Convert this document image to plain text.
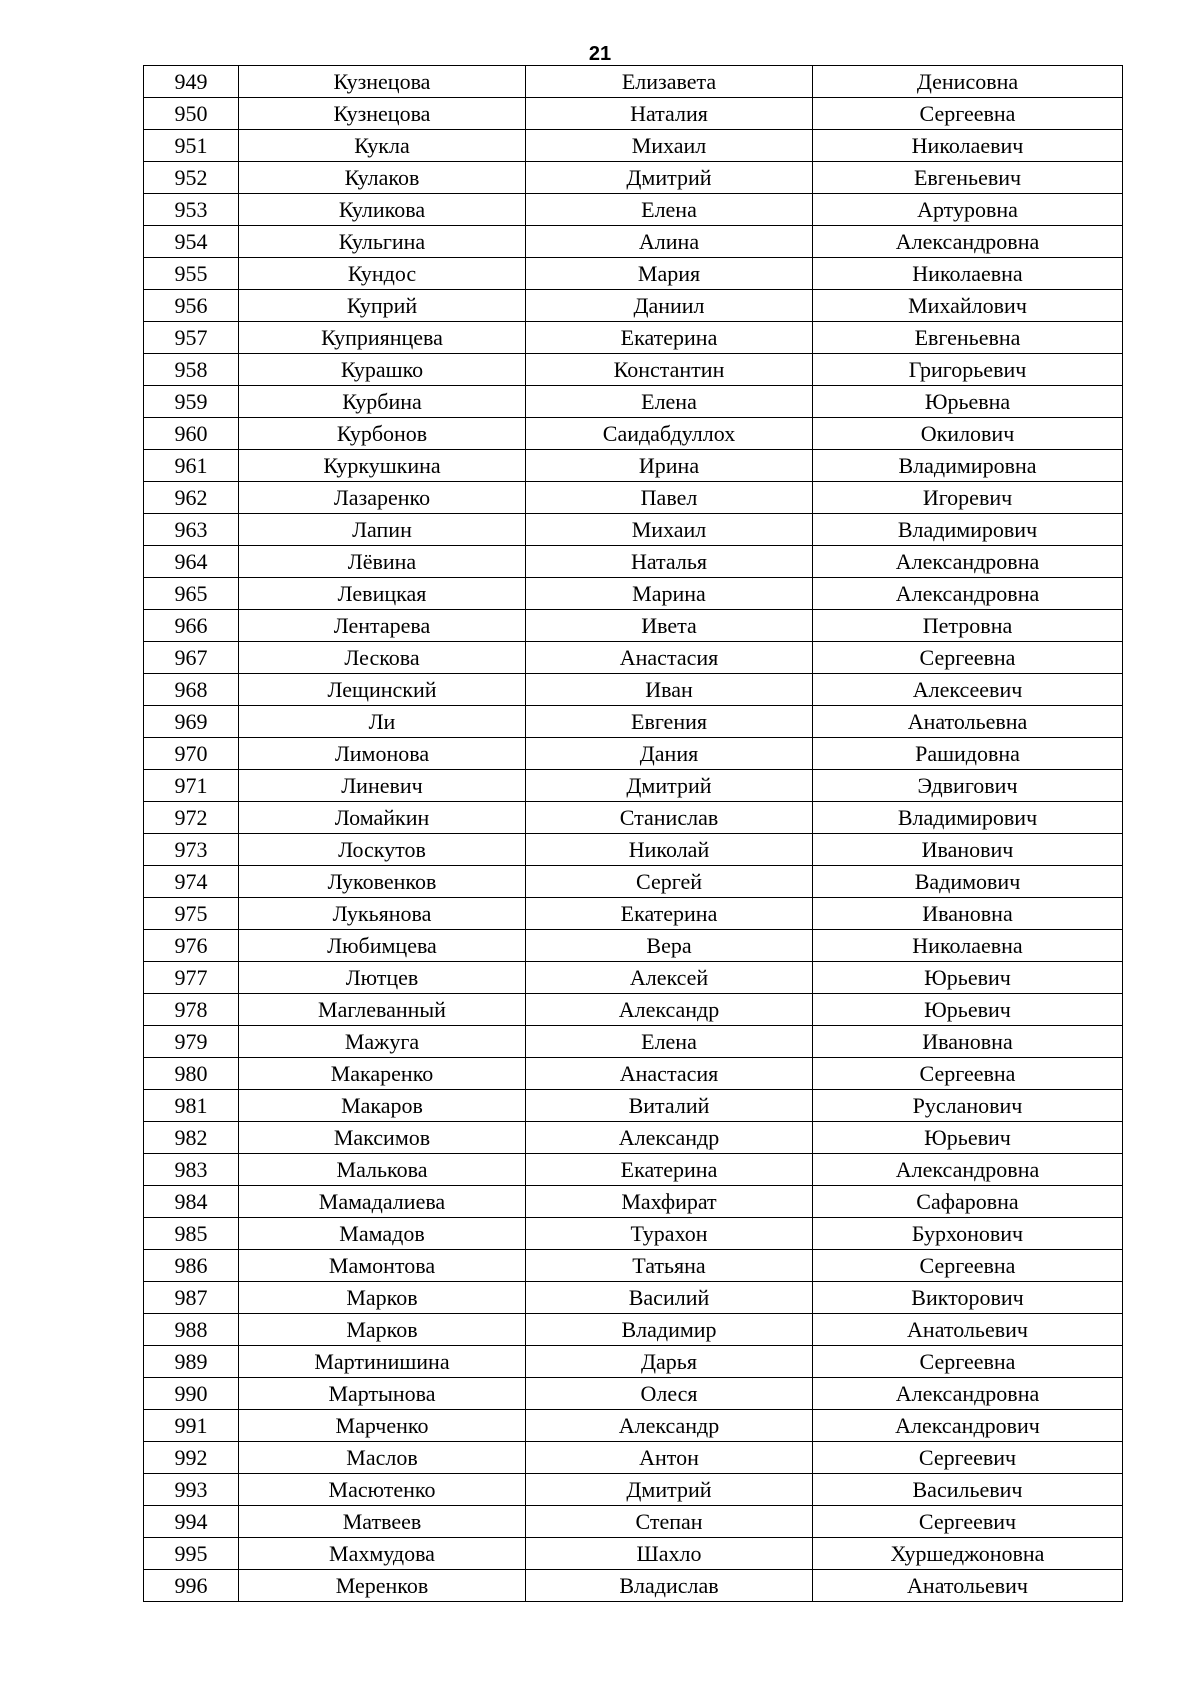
21
949	Кузнецова	Елизавета	Денисовна
950	Кузнецова	Наталия	Сергеевна
951	Кукла	Михаил	Николаевич
952	Кулаков	Дмитрий	Евгеньевич
953	Куликова	Елена	Артуровна
954	Кульгина	Алина	Александровна
955	Кундос	Мария	Николаевна
956	Куприй	Даниил	Михайлович
957	Куприянцева	Екатерина	Евгеньевна
958	Курашко	Константин	Григорьевич
959	Курбина	Елена	Юрьевна
960	Курбонов	Саидабдуллох	Окилович
961	Куркушкина	Ирина	Владимировна
962	Лазаренко	Павел	Игоревич
963	Лапин	Михаил	Владимирович
964	Лёвина	Наталья	Александровна
965	Левицкая	Марина	Александровна
966	Лентарева	Ивета	Петровна
967	Лескова	Анастасия	Сергеевна
968	Лещинский	Иван	Алексеевич
969	Ли	Евгения	Анатольевна
970	Лимонова	Дания	Рашидовна
971	Линевич	Дмитрий	Эдвигович
972	Ломайкин	Станислав	Владимирович
973	Лоскутов	Николай	Иванович
974	Луковенков	Сергей	Вадимович
975	Лукьянова	Екатерина	Ивановна
976	Любимцева	Вера	Николаевна
977	Лютцев	Алексей	Юрьевич
978	Маглеванный	Александр	Юрьевич
979	Мажуга	Елена	Ивановна
980	Макаренко	Анастасия	Сергеевна
981	Макаров	Виталий	Русланович
982	Максимов	Александр	Юрьевич
983	Малькова	Екатерина	Александровна
984	Мамадалиева	Махфират	Сафаровна
985	Мамадов	Турахон	Бурхонович
986	Мамонтова	Татьяна	Сергеевна
987	Марков	Василий	Викторович
988	Марков	Владимир	Анатольевич
989	Мартинишина	Дарья	Сергеевна
990	Мартынова	Олеся	Александровна
991	Марченко	Александр	Александрович
992	Маслов	Антон	Сергеевич
993	Масютенко	Дмитрий	Васильевич
994	Матвеев	Степан	Сергеевич
995	Махмудова	Шахло	Хуршеджоновна
996	Меренков	Владислав	Анатольевич
